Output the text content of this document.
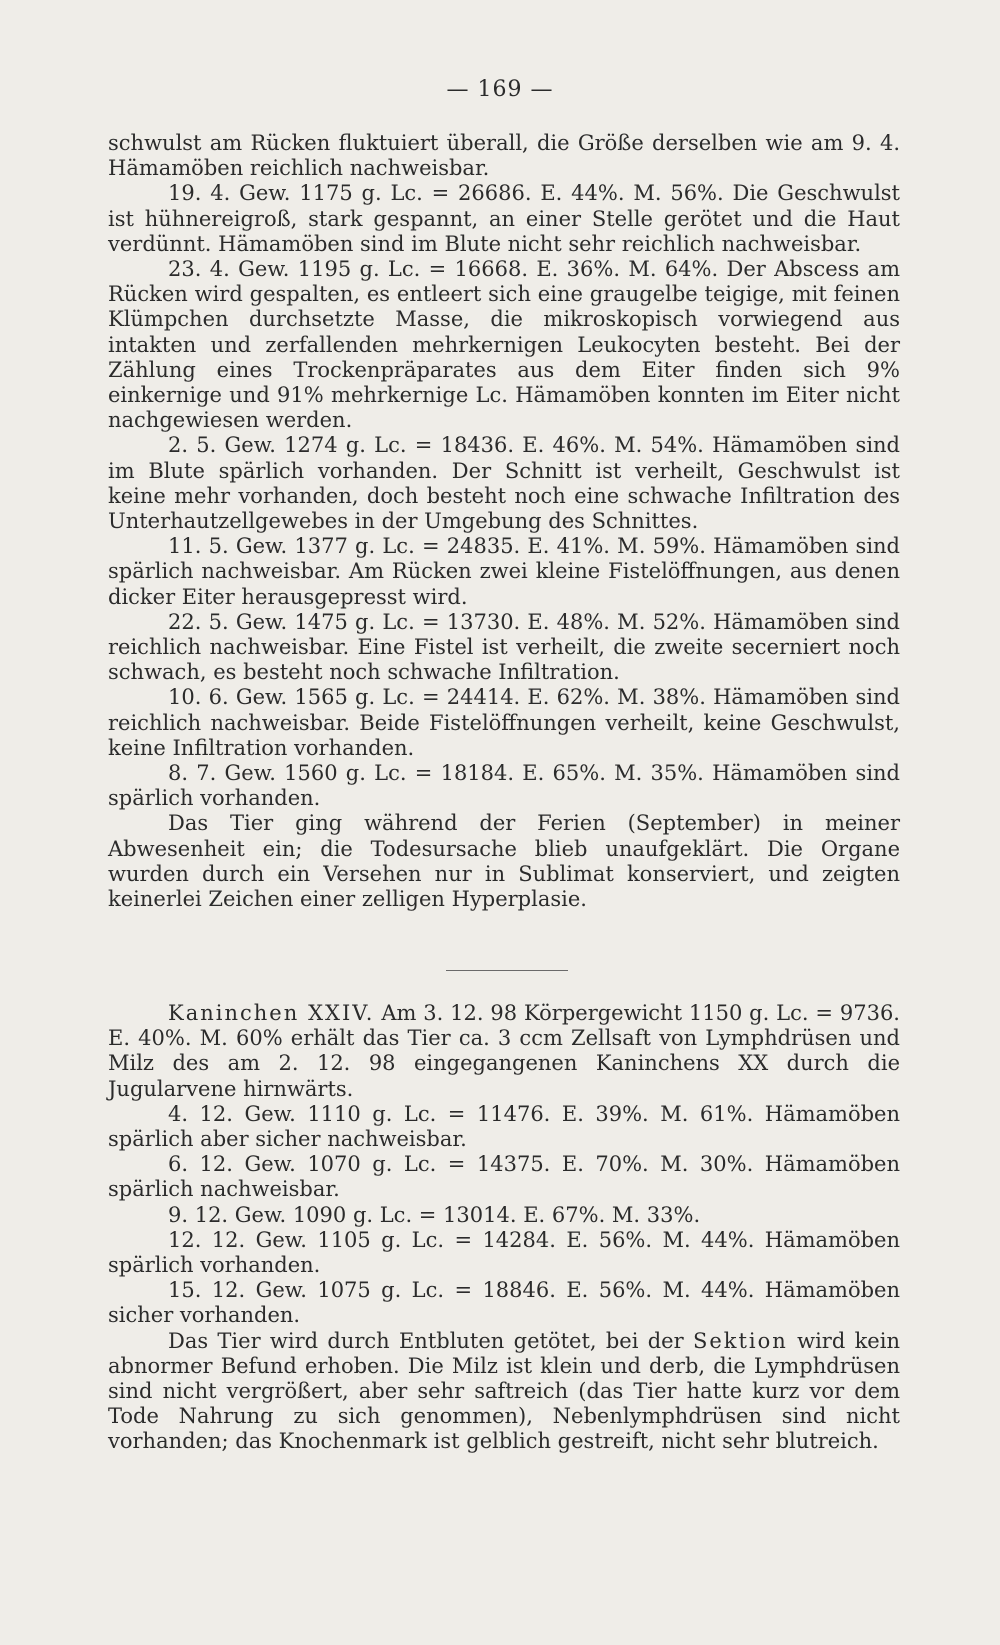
— 169 —

schwulst am Rücken fluktuiert überall, die Größe derselben wie am 9. 4. Hämamöben reichlich nachweisbar.

19. 4. Gew. 1175 g. Lc. = 26686. E. 44%. M. 56%. Die Geschwulst ist hühnereigroß, stark gespannt, an einer Stelle gerötet und die Haut verdünnt. Hämamöben sind im Blute nicht sehr reichlich nachweisbar.

23. 4. Gew. 1195 g. Lc. = 16668. E. 36%. M. 64%. Der Abscess am Rücken wird gespalten, es entleert sich eine graugelbe teigige, mit feinen Klümpchen durchsetzte Masse, die mikroskopisch vorwiegend aus intakten und zerfallenden mehrkernigen Leukocyten besteht. Bei der Zählung eines Trockenpräparates aus dem Eiter finden sich 9% einkernige und 91% mehrkernige Lc. Hämamöben konnten im Eiter nicht nachgewiesen werden.

2. 5. Gew. 1274 g. Lc. = 18436. E. 46%. M. 54%. Hämamöben sind im Blute spärlich vorhanden. Der Schnitt ist verheilt, Geschwulst ist keine mehr vorhanden, doch besteht noch eine schwache Infiltration des Unterhautzellgewebes in der Umgebung des Schnittes.

11. 5. Gew. 1377 g. Lc. = 24835. E. 41%. M. 59%. Hämamöben sind spärlich nachweisbar. Am Rücken zwei kleine Fistelöffnungen, aus denen dicker Eiter herausgepresst wird.

22. 5. Gew. 1475 g. Lc. = 13730. E. 48%. M. 52%. Hämamöben sind reichlich nachweisbar. Eine Fistel ist verheilt, die zweite secerniert noch schwach, es besteht noch schwache Infiltration.

10. 6. Gew. 1565 g. Lc. = 24414. E. 62%. M. 38%. Hämamöben sind reichlich nachweisbar. Beide Fistelöffnungen verheilt, keine Geschwulst, keine Infiltration vorhanden.

8. 7. Gew. 1560 g. Lc. = 18184. E. 65%. M. 35%. Hämamöben sind spärlich vorhanden.

Das Tier ging während der Ferien (September) in meiner Abwesenheit ein; die Todesursache blieb unaufgeklärt. Die Organe wurden durch ein Versehen nur in Sublimat konserviert, und zeigten keinerlei Zeichen einer zelligen Hyperplasie.

Kaninchen XXIV. Am 3. 12. 98 Körpergewicht 1150 g. Lc. = 9736. E. 40%. M. 60% erhält das Tier ca. 3 ccm Zellsaft von Lymphdrüsen und Milz des am 2. 12. 98 eingegangenen Kaninchens XX durch die Jugularvene hirnwärts.

4. 12. Gew. 1110 g. Lc. = 11476. E. 39%. M. 61%. Hämamöben spärlich aber sicher nachweisbar.

6. 12. Gew. 1070 g. Lc. = 14375. E. 70%. M. 30%. Hämamöben spärlich nachweisbar.

9. 12. Gew. 1090 g. Lc. = 13014. E. 67%. M. 33%.

12. 12. Gew. 1105 g. Lc. = 14284. E. 56%. M. 44%. Hämamöben spärlich vorhanden.

15. 12. Gew. 1075 g. Lc. = 18846. E. 56%. M. 44%. Hämamöben sicher vorhanden.

Das Tier wird durch Entbluten getötet, bei der Sektion wird kein abnormer Befund erhoben. Die Milz ist klein und derb, die Lymphdrüsen sind nicht vergrößert, aber sehr saftreich (das Tier hatte kurz vor dem Tode Nahrung zu sich genommen), Nebenlymphdrüsen sind nicht vorhanden; das Knochenmark ist gelblich gestreift, nicht sehr blutreich.
